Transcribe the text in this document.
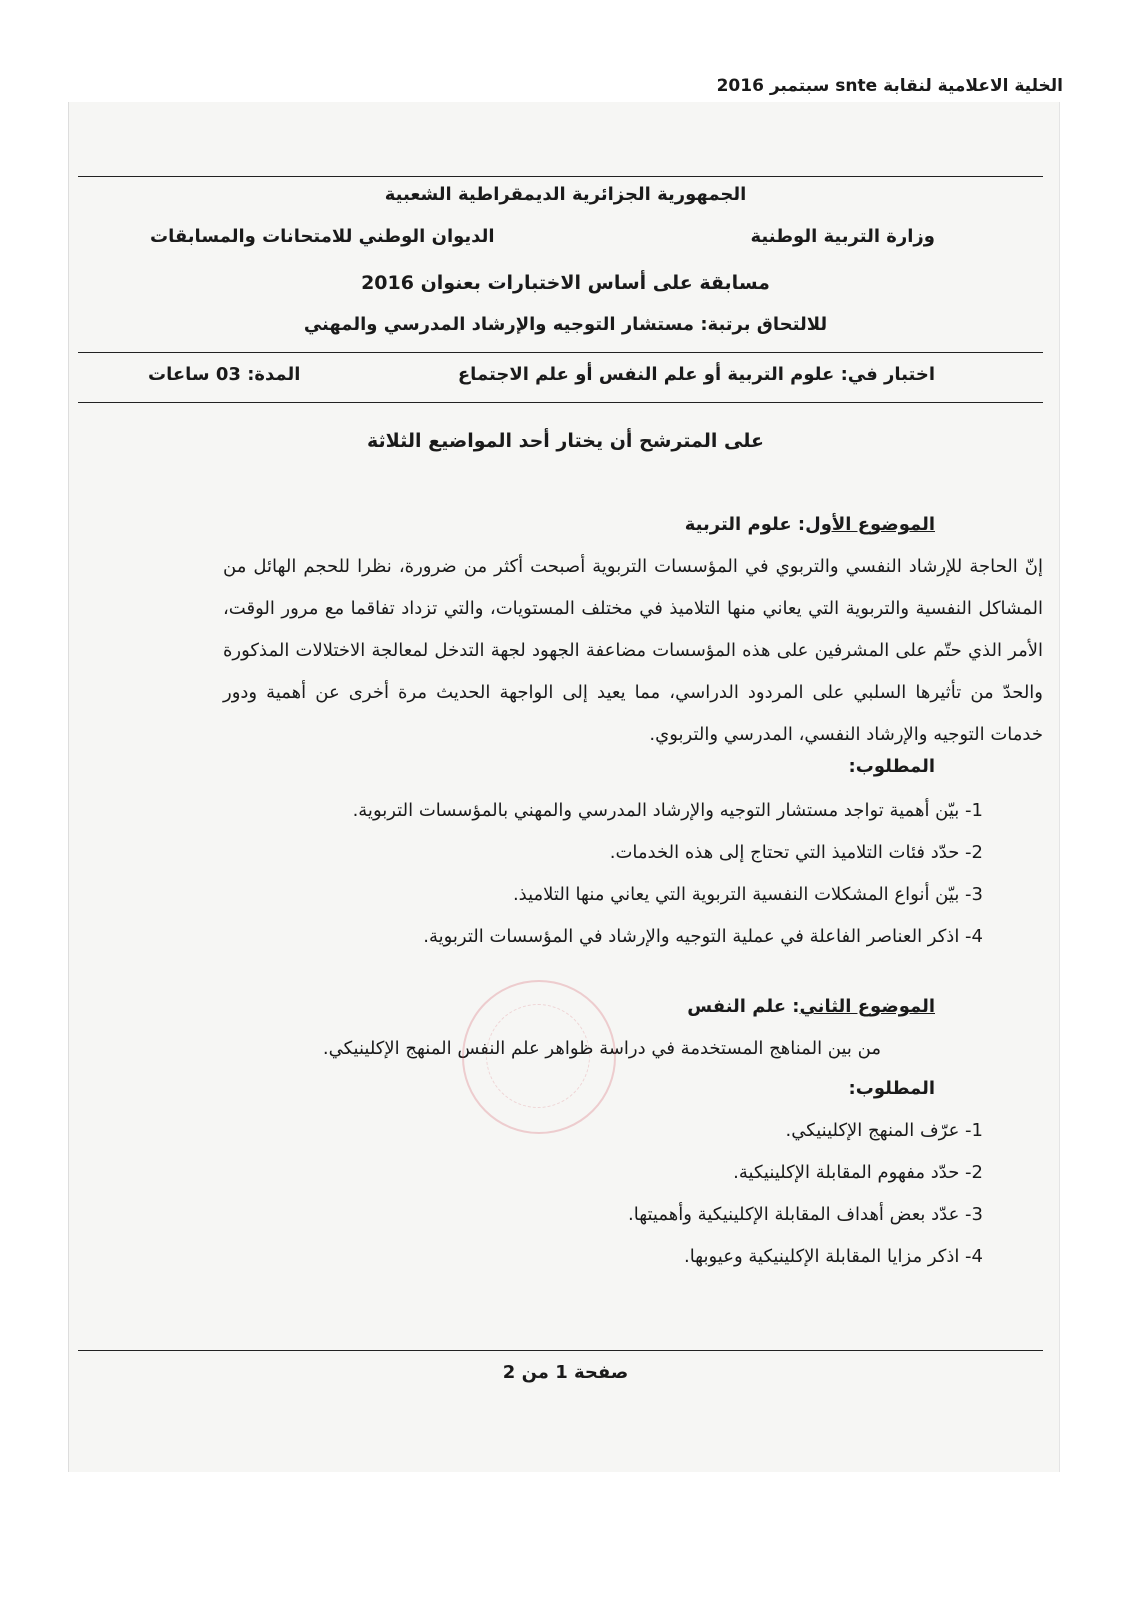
الخلية الاعلامية لنقابة snte سبتمبر 2016
الجمهورية الجزائرية الديمقراطية الشعبية
وزارة التربية الوطنية
الديوان الوطني للامتحانات والمسابقات
مسابقة على أساس الاختبارات بعنوان 2016
للالتحاق برتبة: مستشار التوجيه والإرشاد المدرسي والمهني
اختبار في: علوم التربية أو علم النفس أو علم الاجتماع
المدة: 03 ساعات
على المترشح أن يختار أحد المواضيع الثلاثة
الموضوع الأول: علوم التربية
إنّ الحاجة للإرشاد النفسي والتربوي في المؤسسات التربوية أصبحت أكثر من ضرورة، نظرا للحجم الهائل من المشاكل النفسية والتربوية التي يعاني منها التلاميذ في مختلف المستويات، والتي تزداد تفاقما مع مرور الوقت، الأمر الذي حتّم على المشرفين على هذه المؤسسات مضاعفة الجهود لجهة التدخل لمعالجة الاختلالات المذكورة والحدّ من تأثيرها السلبي على المردود الدراسي، مما يعيد إلى الواجهة الحديث مرة أخرى عن أهمية ودور خدمات التوجيه والإرشاد النفسي، المدرسي والتربوي.
المطلوب:
1- بيّن أهمية تواجد مستشار التوجيه والإرشاد المدرسي والمهني بالمؤسسات التربوية.
2- حدّد فئات التلاميذ التي تحتاج إلى هذه الخدمات.
3- بيّن أنواع المشكلات النفسية التربوية التي يعاني منها التلاميذ.
4- اذكر العناصر الفاعلة في عملية التوجيه والإرشاد في المؤسسات التربوية.
الموضوع الثاني: علم النفس
من بين المناهج المستخدمة في دراسة ظواهر علم النفس المنهج الإكلينيكي.
المطلوب:
1- عرّف المنهج الإكلينيكي.
2- حدّد مفهوم المقابلة الإكلينيكية.
3- عدّد بعض أهداف المقابلة الإكلينيكية وأهميتها.
4- اذكر مزايا المقابلة الإكلينيكية وعيوبها.
صفحة 1 من 2
